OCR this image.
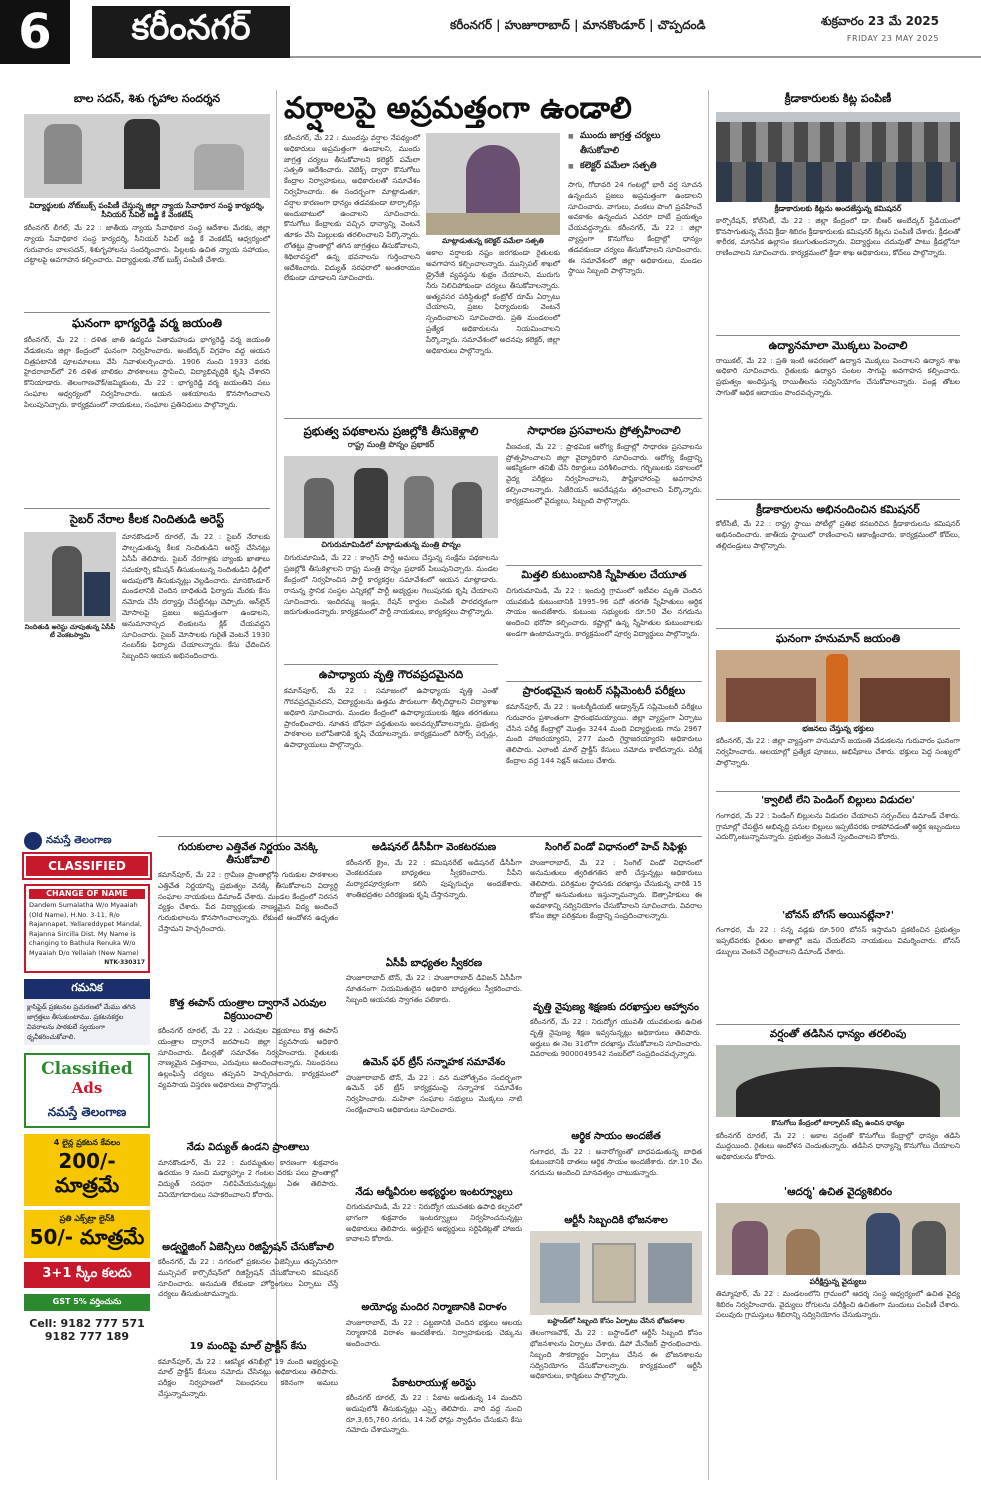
6	కరీంనగర్	కరీంనగర్ | హుజూరాబాద్ | మానకొండూర్ | చొప్పదండి	శుక్రవారం 23 మే 2025
FRIDAY 23 MAY 2025
బాల సదన్, శిశు గృహాల సందర్శన
విద్యార్థులకు నోట్‌బుక్స్ పంపిణీ చేస్తున్న జిల్లా న్యాయ సేవాధికార సంస్థ కార్యదర్శి, సీనియర్ సివిల్ జడ్జి కే వెంకటేష్
కరీంనగర్ లీగల్, మే 22 : జాతీయ న్యాయ సేవాధికార సంస్థ ఆదేశాల మేరకు, జిల్లా న్యాయ సేవాధికార సంస్థ కార్యదర్శి, సీనియర్ సివిల్ జడ్జి కే వెంకటేష్ ఆధ్వర్యంలో గురువారం బాలసదన్, శిశుగృహాలను సందర్శించారు. పిల్లలకు ఉచిత న్యాయ సహాయం, చట్టాలపై అవగాహన కల్పించారు. విద్యార్థులకు నోట్ బుక్స్ పంపిణీ చేశారు.
ఘనంగా భాగ్యరెడ్డి వర్మ జయంతి
కరీంనగర్, మే 22 : దళిత జాతి ఉద్యమ పితామహుడు భాగ్యరెడ్డి వర్మ జయంతి వేడుకలను జిల్లా కేంద్రంలో ఘనంగా నిర్వహించారు. అంబేద్కర్ విగ్రహం వద్ద ఆయన చిత్రపటానికి పూలమాలలు వేసి నివాళులర్పించారు. 1906 నుంచి 1933 వరకు హైదరాబాద్‌లో 26 దళిత బాలికల పాఠశాలలు స్థాపించి, విద్యాభివృద్ధికి కృషి చేశారని కొనియాడారు. తెలంగాణచౌక్/జమ్మికుంట, మే 22 : భాగ్యరెడ్డి వర్మ జయంతిని పలు సంఘాల ఆధ్వర్యంలో నిర్వహించారు. ఆయన ఆశయాలను కొనసాగించాలని పిలుపునిచ్చారు. కార్యక్రమంలో నాయకులు, సంఘాల ప్రతినిధులు పాల్గొన్నారు.
సైబర్ నేరాల కీలక నిందితుడి అరెస్ట్
నిందితుడి అరెస్టు చూపుతున్న ఏసీపీ టీ వెంకటస్వామి
మానకొండూర్ రూరల్, మే 22 : సైబర్ నేరాలకు పాల్పడుతున్న కీలక నిందితుడిని అరెస్ట్ చేసినట్లు ఏసీపీ తెలిపారు. సైబర్ నేరగాళ్లకు బ్యాంకు ఖాతాలు సమకూర్చి కమీషన్ తీసుకుంటున్న నిందితుడిని ఢిల్లీలో అదుపులోకి తీసుకున్నట్లు వెల్లడించారు. మానకొండూర్ మండలానికి చెందిన బాధితుడి ఫిర్యాదు మేరకు కేసు నమోదు చేసి దర్యాప్తు చేపట్టినట్లు చెప్పారు. ఆన్‌లైన్ మోసాలపై ప్రజలు అప్రమత్తంగా ఉండాలని, అనుమానాస్పద లింకులను క్లిక్ చేయవద్దని సూచించారు. సైబర్ మోసాలకు గురైతే వెంటనే 1930 నంబర్‌కు ఫిర్యాదు చేయాలన్నారు. కేసు ఛేదించిన సిబ్బందిని ఆయన అభినందించారు.
నమస్తే తెలంగాణ
CLASSIFIED
CHANGE OF NAME
Dandem Sumalatha W/o Myaaiah (Old Name), H.No. 3-11, R/o Rajannapet, Yellareddypet Mandal, Rajanna Sircilla Dist. My Name is changing to Bathula Renuka W/o Myaaiah D/o Yellaiah (New Name)
NTK-330317
గమనిక
క్లాసిఫైడ్ ప్రకటనల ప్రచురణలో మేము తగిన జాగ్రత్తలు తీసుకుంటాము. ప్రకటనకర్తల వివరాలను పాఠకులే స్వయంగా ధృవీకరించుకోవాలి.
Classified
Ads
నమస్తే తెలంగాణ
4 లైన్ల ప్రకటన కేవలం
200/- మాత్రమే
ప్రతి ఎక్స్‌ట్రా లైన్‌కి
50/- మాత్రమే
3+1 స్కీం కలదు
GST 5% వర్తించును
Cell: 9182 777 571
9182 777 189
వర్షాలపై అప్రమత్తంగా ఉండాలి
కరీంనగర్, మే 22 : ముందస్తు వర్షాల నేపథ్యంలో అధికారులు అప్రమత్తంగా ఉండాలని, ముందు జాగ్రత్త చర్యలు తీసుకోవాలని కలెక్టర్ పమేలా సత్పతి ఆదేశించారు. వెబెక్స్ ద్వారా కొనుగోలు కేంద్రాల నిర్వాహకులు, అధికారులతో సమావేశం నిర్వహించారు. ఈ సందర్భంగా మాట్లాడుతూ, వర్షాల కారణంగా ధాన్యం తడవకుండా టార్పాలిన్లు అందుబాటులో ఉంచాలని సూచించారు. కొనుగోలు కేంద్రాలకు వచ్చిన ధాన్యాన్ని వెంటనే తూకం వేసి మిల్లులకు తరలించాలని పేర్కొన్నారు. లోతట్టు ప్రాంతాల్లో తగిన జాగ్రత్తలు తీసుకోవాలని, శిథిలావస్థలో ఉన్న భవనాలను గుర్తించాలని ఆదేశించారు. విద్యుత్ సరఫరాలో అంతరాయం లేకుండా చూడాలని సూచించారు.
మాట్లాడుతున్న కలెక్టర్ పమేలా సత్పతి
అకాల వర్షాలకు నష్టం జరగకుండా రైతులకు అవగాహన కల్పించాలన్నారు. మున్సిపల్ శాఖలో డ్రైనేజీ వ్యవస్థను శుభ్రం చేయాలని, మురుగు నీరు నిలిచిపోకుండా చర్యలు తీసుకోవాలన్నారు. అత్యవసర పరిస్థితుల్లో కంట్రోల్ రూమ్ ఏర్పాటు చేయాలని, ప్రజల ఫిర్యాదులకు వెంటనే స్పందించాలని సూచించారు. ప్రతి మండలంలో ప్రత్యేక అధికారులను నియమించాలని పేర్కొన్నారు. సమావేశంలో అదనపు కలెక్టర్, జిల్లా అధికారులు పాల్గొన్నారు.
■ ముందు జాగ్రత్త చర్యలు తీసుకోవాలి
■ కలెక్టర్ పమేలా సత్పతి
సాగు, గోదావరి 24 గంటల్లో భారీ వర్ష సూచన ఉన్నందున ప్రజలు అప్రమత్తంగా ఉండాలని సూచించారు. వాగులు, వంకలు పొంగి ప్రవహించే అవకాశం ఉన్నందున ఎవరూ దాటే ప్రయత్నం చేయవద్దన్నారు. కరీంనగర్, మే 22 : జిల్లా వ్యాప్తంగా కొనుగోలు కేంద్రాల్లో ధాన్యం తడవకుండా చర్యలు తీసుకోవాలని సూచించారు. ఈ సమావేశంలో జిల్లా అధికారులు, మండల స్థాయి సిబ్బంది పాల్గొన్నారు.
ప్రభుత్వ పథకాలను ప్రజల్లోకి తీసుకెళ్లాలి
రాష్ట్ర మంత్రి పొన్నం ప్రభాకర్
చిగురుమామిడిలో మాట్లాడుతున్న మంత్రి పొన్నం
చిగురుమామిడి, మే 22 : కాంగ్రెస్ పార్టీ అమలు చేస్తున్న సంక్షేమ పథకాలను ప్రజల్లోకి తీసుకెళ్లాలని రాష్ట్ర మంత్రి పొన్నం ప్రభాకర్ పిలుపునిచ్చారు. మండల కేంద్రంలో నిర్వహించిన పార్టీ కార్యకర్తల సమావేశంలో ఆయన మాట్లాడారు. రానున్న స్థానిక సంస్థల ఎన్నికల్లో పార్టీ అభ్యర్థుల గెలుపునకు కృషి చేయాలని సూచించారు. ఇందిరమ్మ ఇండ్లు, రేషన్ కార్డుల పంపిణీ పారదర్శకంగా జరుగుతుందన్నారు. కార్యక్రమంలో పార్టీ నాయకులు, కార్యకర్తలు పాల్గొన్నారు.
ఉపాధ్యాయ వృత్తి గౌరవప్రదమైనది
కమాన్‌పూర్, మే 22 : సమాజంలో ఉపాధ్యాయ వృత్తి ఎంతో గౌరవప్రదమైనదని, విద్యార్థులను ఉత్తమ పౌరులుగా తీర్చిదిద్దాలని విద్యాశాఖ అధికారి సూచించారు. మండల కేంద్రంలో ఉపాధ్యాయులకు శిక్షణ తరగతులు ప్రారంభించారు. నూతన బోధనా పద్ధతులను అలవర్చుకోవాలన్నారు. ప్రభుత్వ పాఠశాలల బలోపేతానికి కృషి చేయాలన్నారు. కార్యక్రమంలో రిసోర్స్ పర్సన్లు, ఉపాధ్యాయులు పాల్గొన్నారు.
సాధారణ ప్రసవాలను ప్రోత్సహించాలి
వీణవంక, మే 22 : ప్రాథమిక ఆరోగ్య కేంద్రాల్లో సాధారణ ప్రసవాలను ప్రోత్సహించాలని జిల్లా వైద్యాధికారి సూచించారు. ఆరోగ్య కేంద్రాన్ని ఆకస్మికంగా తనిఖీ చేసి రికార్డులు పరిశీలించారు. గర్భిణులకు సకాలంలో వైద్య పరీక్షలు నిర్వహించాలని, పౌష్టికాహారంపై అవగాహన కల్పించాలన్నారు. సిజేరియన్ ఆపరేషన్లను తగ్గించాలని పేర్కొన్నారు. కార్యక్రమంలో వైద్యులు, సిబ్బంది పాల్గొన్నారు.
మిత్తలి కుటుంబానికి స్నేహితుల చేయూత
చిగురుమామిడి, మే 22 : ఇందుర్తి గ్రామంలో ఇటీవల మృతి చెందిన యువకుడి కుటుంబానికి 1995–96 పదో తరగతి స్నేహితులు ఆర్థిక సాయం అందజేశారు. కుటుంబ సభ్యులకు రూ.50 వేల నగదును అందించి భరోసా కల్పించారు. కష్టాల్లో ఉన్న స్నేహితుల కుటుంబాలకు అండగా ఉంటామన్నారు. కార్యక్రమంలో పూర్వ విద్యార్థులు పాల్గొన్నారు.
ప్రారంభమైన ఇంటర్ సప్లిమెంటరీ పరీక్షలు
కమాన్‌పూర్, మే 22 : ఇంటర్మీడియట్ అడ్వాన్స్‌డ్ సప్లిమెంటరీ పరీక్షలు గురువారం ప్రశాంతంగా ప్రారంభమయ్యాయి. జిల్లా వ్యాప్తంగా ఏర్పాటు చేసిన పరీక్ష కేంద్రాల్లో మొత్తం 3244 మంది విద్యార్థులకు గాను 2967 మంది హాజరయ్యారని, 277 మంది గైర్హాజరయ్యారని అధికారులు తెలిపారు. ఎలాంటి మాల్ ప్రాక్టీస్ కేసులు నమోదు కాలేదన్నారు. పరీక్ష కేంద్రాల వద్ద 144 సెక్షన్ అమలు చేశారు.
గురుకులాల ఎత్తివేత నిర్ణయం వెనక్కి తీసుకోవాలి
కమాన్‌పూర్, మే 22 : గ్రామీణ ప్రాంతాల్లోని గురుకుల పాఠశాలల ఎత్తివేత నిర్ణయాన్ని ప్రభుత్వం వెనక్కి తీసుకోవాలని విద్యార్థి సంఘాల నాయకులు డిమాండ్ చేశారు. మండల కేంద్రంలో నిరసన వ్యక్తం చేశారు. పేద విద్యార్థులకు నాణ్యమైన విద్య అందించే గురుకులాలను కొనసాగించాలన్నారు. లేకుంటే ఆందోళన ఉధృతం చేస్తామని హెచ్చరించారు.
కొత్త ఈపాస్ యంత్రాల ద్వారానే ఎరువుల విక్రయించాలి
కరీంనగర్ రూరల్, మే 22 : ఎరువుల విక్రయాలు కొత్త ఈపాస్ యంత్రాల ద్వారానే జరపాలని జిల్లా వ్యవసాయ అధికారి సూచించారు. డీలర్లతో సమావేశం నిర్వహించారు. రైతులకు నాణ్యమైన విత్తనాలు, ఎరువులు అందించాలన్నారు. నిబంధనలు ఉల్లంఘిస్తే చర్యలు తప్పవని హెచ్చరించారు. కార్యక్రమంలో వ్యవసాయ విస్తరణ అధికారులు పాల్గొన్నారు.
నేడు విద్యుత్ ఉండని ప్రాంతాలు
మానకొండూర్, మే 22 : మరమ్మతుల కారణంగా శుక్రవారం ఉదయం 9 నుంచి మధ్యాహ్నం 2 గంటల వరకు పలు ప్రాంతాల్లో విద్యుత్ సరఫరా నిలిపివేయనున్నట్లు ఏఈ తెలిపారు. వినియోగదారులు సహకరించాలని కోరారు.
అడ్వర్టైజింగ్ ఏజెన్సీలు రిజిస్ట్రేషన్ చేసుకోవాలి
కరీంనగర్, మే 22 : నగరంలో ప్రకటనల ఏజెన్సీలు తప్పనిసరిగా మున్సిపల్ కార్పొరేషన్‌లో రిజిస్ట్రేషన్ చేసుకోవాలని కమిషనర్ సూచించారు. అనుమతి లేకుండా హోర్డింగులు ఏర్పాటు చేస్తే చర్యలు తీసుకుంటామన్నారు.
19 మందిపై మాల్ ప్రాక్టీస్ కేసు
కమాన్‌పూర్, మే 22 : ఆకస్మిక తనిఖీల్లో 19 మంది అభ్యర్థులపై మాల్ ప్రాక్టీస్ కేసులు నమోదు చేసినట్లు అధికారులు తెలిపారు. పరీక్షల నిర్వహణలో నిబంధనలు కఠినంగా అమలు చేస్తున్నామన్నారు.
అడిషనల్ డీసీపీగా వెంకటరమణ
కరీంనగర్ క్రైం, మే 22 : కమిషనరేట్ అడిషనల్ డీసీపీగా వెంకటరమణ బాధ్యతలు స్వీకరించారు. సీపీని మర్యాదపూర్వకంగా కలిసి పుష్పగుచ్ఛం అందజేశారు. శాంతిభద్రతల పరిరక్షణకు కృషి చేస్తానన్నారు.
ఏసీపీ బాధ్యతల స్వీకరణ
హుజూరాబాద్ టౌన్, మే 22 : హుజూరాబాద్ డివిజన్ ఏసీపీగా నూతనంగా నియమితులైన అధికారి బాధ్యతలు స్వీకరించారు. సిబ్బంది ఆయనకు స్వాగతం పలికారు.
ఉమెన్ ఫర్ ట్రీస్ సన్నాహక సమావేశం
హుజూరాబాద్ టౌన్, మే 22 : వన మహోత్సవం సందర్భంగా ఉమెన్ ఫర్ ట్రీస్ కార్యక్రమంపై సన్నాహక సమావేశం నిర్వహించారు. మహిళా సంఘాల సభ్యులు మొక్కలు నాటి సంరక్షించాలని అధికారులు సూచించారు.
నేడు ఆర్మీవీరుల అభ్యర్థుల ఇంటర్వ్యూలు
చిగురుమామిడి, మే 22 : నిరుద్యోగ యువతకు ఉపాధి కల్పనలో భాగంగా శుక్రవారం ఇంటర్వ్యూలు నిర్వహించనున్నట్లు అధికారులు తెలిపారు. అర్హులైన అభ్యర్థులు సర్టిఫికెట్లతో హాజరు కావాలని కోరారు.
అయోధ్య మందిర నిర్మాణానికి విరాళం
హుజూరాబాద్, మే 22 : పట్టణానికి చెందిన భక్తులు ఆలయ నిర్మాణానికి విరాళం అందజేశారు. నిర్వాహకులకు చెక్కును అందించారు.
పేకాటరాయుళ్ల అరెస్టు
కరీంనగర్ రూరల్, మే 22 : పేకాట ఆడుతున్న 14 మందిని అదుపులోకి తీసుకున్నట్లు ఎస్సై తెలిపారు. వారి వద్ద నుంచి రూ.3,65,760 నగదు, 14 సెల్ ఫోన్లు స్వాధీనం చేసుకుని కేసు నమోదు చేశామన్నారు.
సింగిల్ విండో విధానంలో హెచ్ సిఫిళ్లు
హుజూరాబాద్, మే 22 : సింగిల్ విండో విధానంలో అనుమతులు త్వరితగతిన జారీ చేస్తున్నట్లు అధికారులు తెలిపారు. పరిశ్రమల స్థాపనకు దరఖాస్తు చేసుకున్న వారికి 15 రోజుల్లో అనుమతులు ఇస్తున్నామన్నారు. ఔత్సాహికులు ఈ అవకాశాన్ని సద్వినియోగం చేసుకోవాలని సూచించారు. వివరాల కోసం జిల్లా పరిశ్రమల కేంద్రాన్ని సంప్రదించాలన్నారు.
వృత్తి నైపుణ్య శిక్షణకు దరఖాస్తుల ఆహ్వానం
కరీంనగర్, మే 22 : నిరుద్యోగ యువతీ యువకులకు ఉచిత వృత్తి నైపుణ్య శిక్షణ ఇవ్వనున్నట్లు అధికారులు తెలిపారు. అర్హులు ఈ నెల 31లోగా దరఖాస్తు చేసుకోవాలని సూచించారు. వివరాలకు 9000049542 నంబర్‌లో సంప్రదించవచ్చన్నారు.
ఆర్థిక సాయం అందజేత
గంగాధర, మే 22 : అనారోగ్యంతో బాధపడుతున్న బాధిత కుటుంబానికి దాతలు ఆర్థిక సాయం అందజేశారు. రూ.10 వేల నగదును అందించి మానవత్వం చాటుకున్నారు.
ఆర్టీసీ సిబ్బందికి భోజనశాల
బస్టాండ్‌లో సిబ్బంది కోసం ఏర్పాటు చేసిన భోజనశాల
తెలంగాణచౌక్, మే 22 : బస్టాండ్‌లో ఆర్టీసీ సిబ్బంది కోసం భోజనశాలను ఏర్పాటు చేశారు. డిపో మేనేజర్ ప్రారంభించారు. సిబ్బంది సౌకర్యార్థం ఏర్పాటు చేసిన ఈ భోజనశాలను సద్వినియోగం చేసుకోవాలన్నారు. కార్యక్రమంలో ఆర్టీసీ అధికారులు, కార్మికులు పాల్గొన్నారు.
క్రీడాకారులకు కిట్ల పంపిణీ
క్రీడాకారులకు కిట్లను అందజేస్తున్న కమిషనర్
కార్పొరేషన్, కోల్‌సిటీ, మే 22 : జిల్లా కేంద్రంలో డా. బీఆర్ అంబేద్కర్ స్టేడియంలో కొనసాగుతున్న వేసవి క్రీడా శిబిరం క్రీడాకారులకు కమిషనర్ కిట్లను పంపిణీ చేశారు. క్రీడలతో శారీరక, మానసిక ఉల్లాసం కలుగుతుందన్నారు. విద్యార్థులు చదువుతో పాటు క్రీడల్లోనూ రాణించాలని సూచించారు. కార్యక్రమంలో క్రీడా శాఖ అధికారులు, కోచ్‌లు పాల్గొన్నారు.
ఉద్యానమాలా మొక్కలు పెంచాలి
రాయికల్, మే 22 : ప్రతి ఇంటి ఆవరణలో ఉద్యాన మొక్కలు పెంచాలని ఉద్యాన శాఖ అధికారి సూచించారు. రైతులకు ఉద్యాన పంటల సాగుపై అవగాహన కల్పించారు. ప్రభుత్వం అందిస్తున్న రాయితీలను సద్వినియోగం చేసుకోవాలన్నారు. పండ్ల తోటల సాగుతో అధిక ఆదాయం పొందవచ్చన్నారు.
క్రీడాకారులను అభినందించిన కమిషనర్
కోల్‌సిటీ, మే 22 : రాష్ట్ర స్థాయి పోటీల్లో ప్రతిభ కనబరిచిన క్రీడాకారులను కమిషనర్ అభినందించారు. జాతీయ స్థాయిలో రాణించాలని ఆకాంక్షించారు. కార్యక్రమంలో కోచ్‌లు, తల్లిదండ్రులు పాల్గొన్నారు.
ఘనంగా హనుమాన్ జయంతి
భజనలు చేస్తున్న భక్తులు
కరీంనగర్, మే 22 : జిల్లా వ్యాప్తంగా హనుమాన్ జయంతి వేడుకలను గురువారం ఘనంగా నిర్వహించారు. ఆలయాల్లో ప్రత్యేక పూజలు, అభిషేకాలు చేశారు. భక్తులు పెద్ద సంఖ్యలో పాల్గొన్నారు.
'క్వాలిటీ లేని పెండింగ్ బిల్లులు విడుదల'
గంగాధర, మే 22 : పెండింగ్ బిల్లులను విడుదల చేయాలని సర్పంచ్‌లు డిమాండ్ చేశారు. గ్రామాల్లో చేపట్టిన అభివృద్ధి పనుల బిల్లులు ఇప్పటివరకు రాకపోవడంతో ఆర్థిక ఇబ్బందులు ఎదుర్కొంటున్నామన్నారు. ప్రభుత్వం వెంటనే స్పందించాలని కోరారు.
'బోనస్ బోగస్ అయినట్లేనా?'
గంగాధర, మే 22 : సన్న వడ్లకు రూ.500 బోనస్ ఇస్తామని ప్రకటించిన ప్రభుత్వం ఇప్పటివరకు రైతుల ఖాతాల్లో జమ చేయలేదని నాయకులు విమర్శించారు. బోనస్ డబ్బులు వెంటనే చెల్లించాలని డిమాండ్ చేశారు.
వర్షంతో తడిసిన ధాన్యం తరలింపు
కొనుగోలు కేంద్రంలో టార్పాలిన్ కప్పి ఉంచిన ధాన్యం
కరీంనగర్ రూరల్, మే 22 : అకాల వర్షంతో కొనుగోలు కేంద్రాల్లో ధాన్యం తడిసి ముద్దయింది. రైతులు ఆందోళన చెందుతున్నారు. తడిసిన ధాన్యాన్ని కొనుగోలు చేయాలని అధికారులను కోరారు.
'ఆదర్శ' ఉచిత వైద్యశిబిరం
పరీక్షిస్తున్న వైద్యులు
తిమ్మాపూర్, మే 22 : మండలంలోని గ్రామంలో ఆదర్శ సంస్థ ఆధ్వర్యంలో ఉచిత వైద్య శిబిరం నిర్వహించారు. వైద్యులు రోగులను పరీక్షించి ఉచితంగా మందులు పంపిణీ చేశారు. పలువురు గ్రామస్తులు శిబిరాన్ని సద్వినియోగం చేసుకున్నారు.
